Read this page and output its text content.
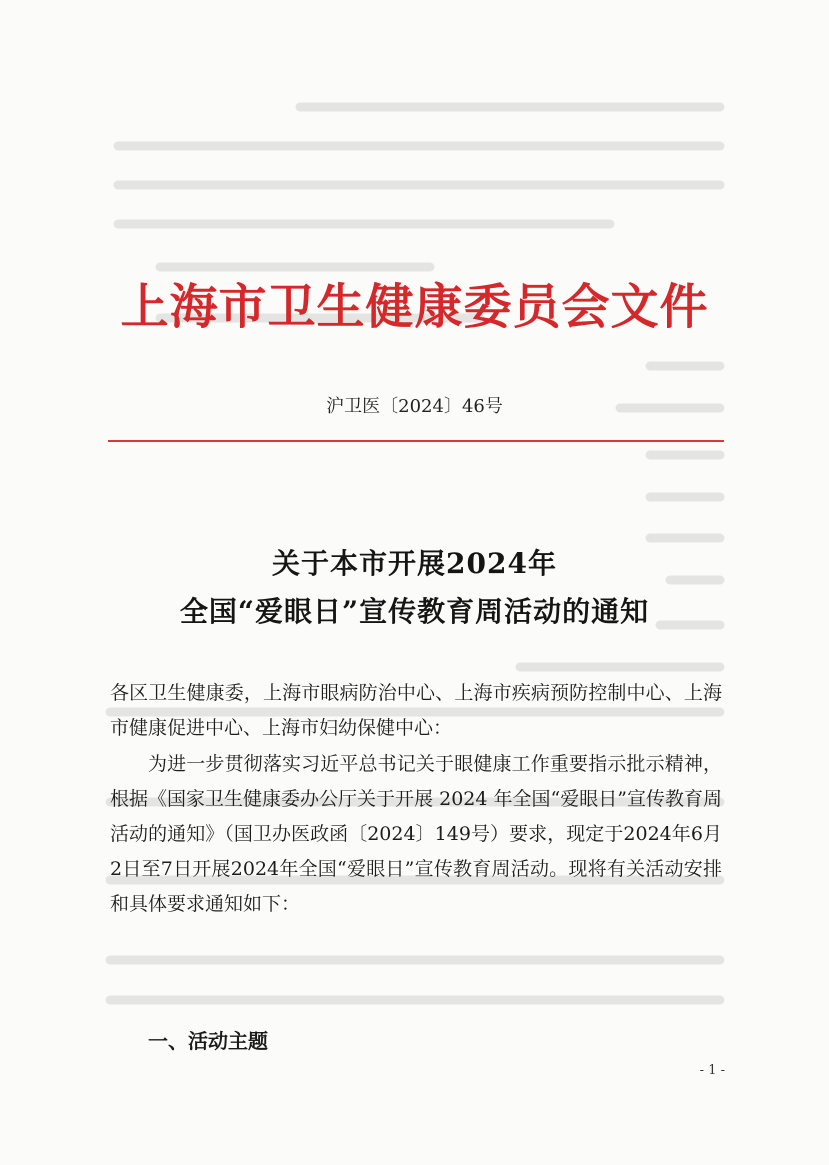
上海市卫生健康委员会文件
沪卫医〔2024〕46号
关于本市开展2024年
全国“爱眼日”宣传教育周活动的通知
各区卫生健康委，上海市眼病防治中心、上海市疾病预防控制中心、上海市健康促进中心、上海市妇幼保健中心：
为进一步贯彻落实习近平总书记关于眼健康工作重要指示批示精神，根据《国家卫生健康委办公厅关于开展 2024 年全国“爱眼日”宣传教育周活动的通知》（国卫办医政函〔2024〕149号）要求，现定于2024年6月2日至7日开展2024年全国“爱眼日”宣传教育周活动。现将有关活动安排和具体要求通知如下：
一、活动主题
- 1 -
